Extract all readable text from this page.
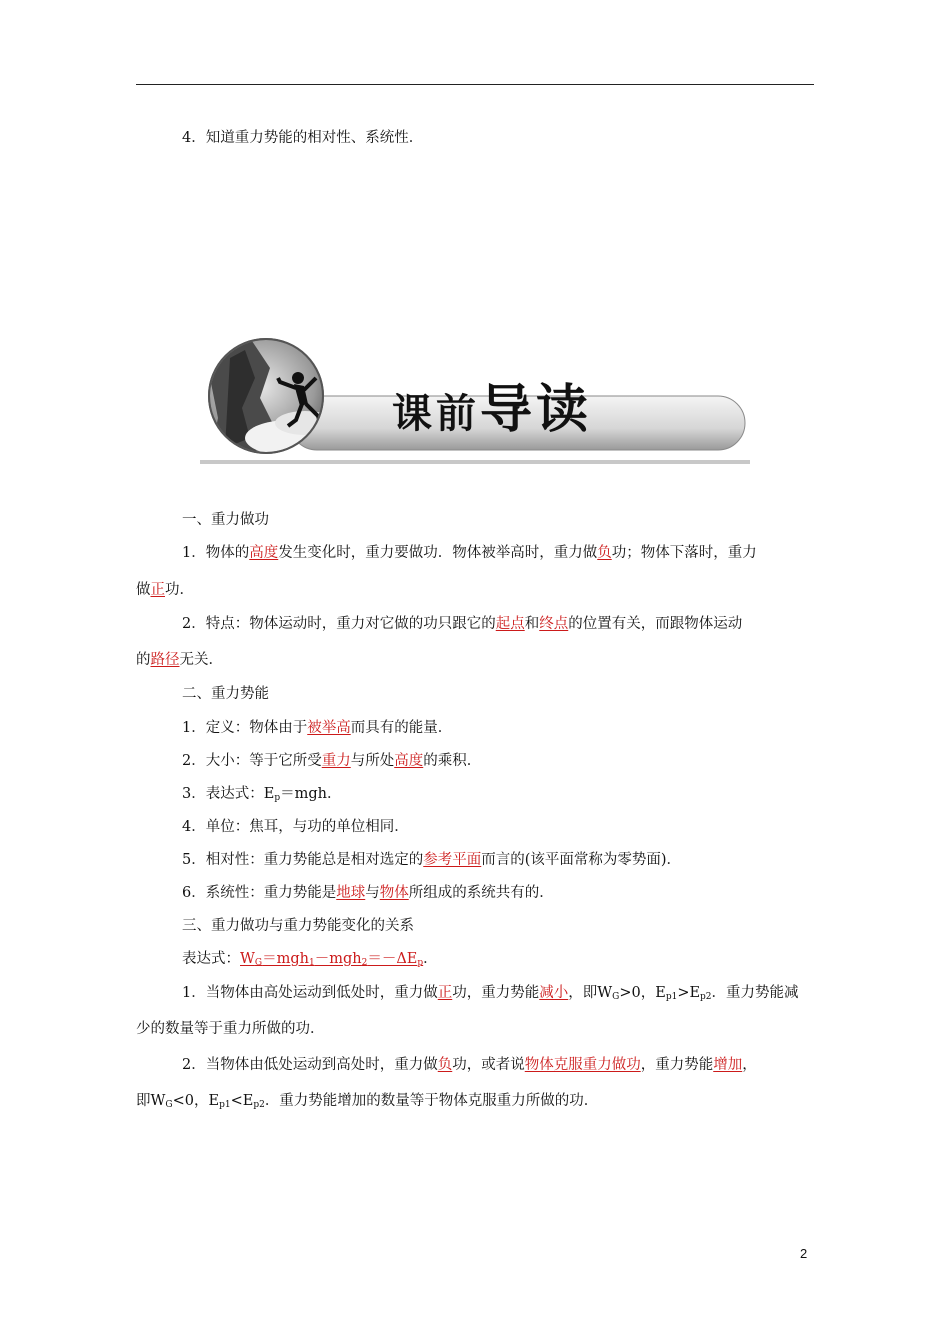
4．知道重力势能的相对性、系统性．
课前导读
一、重力做功
1．物体的高度发生变化时，重力要做功．物体被举高时，重力做负功；物体下落时，重力
做正功．
2．特点：物体运动时，重力对它做的功只跟它的起点和终点的位置有关，而跟物体运动
的路径无关．
二、重力势能
1．定义：物体由于被举高而具有的能量．
2．大小：等于它所受重力与所处高度的乘积．
3．表达式：$E_p=mgh$．
4．单位：焦耳，与功的单位相同．
5．相对性：重力势能总是相对选定的参考平面而言的(该平面常称为零势面)．
6．系统性：重力势能是地球与物体所组成的系统共有的．
三、重力做功与重力势能变化的关系
表达式：$W_G=mgh_1-mgh_2=-\Delta E_p$．
1．当物体由高处运动到低处时，重力做正功，重力势能减小，即$W_G>0$，$E_{p1}>E_{p2}$．重力势能减
少的数量等于重力所做的功．
2．当物体由低处运动到高处时，重力做负功，或者说物体克服重力做功，重力势能增加，
即$W_G<0$，$E_{p1}<E_{p2}$．重力势能增加的数量等于物体克服重力所做的功．
2
